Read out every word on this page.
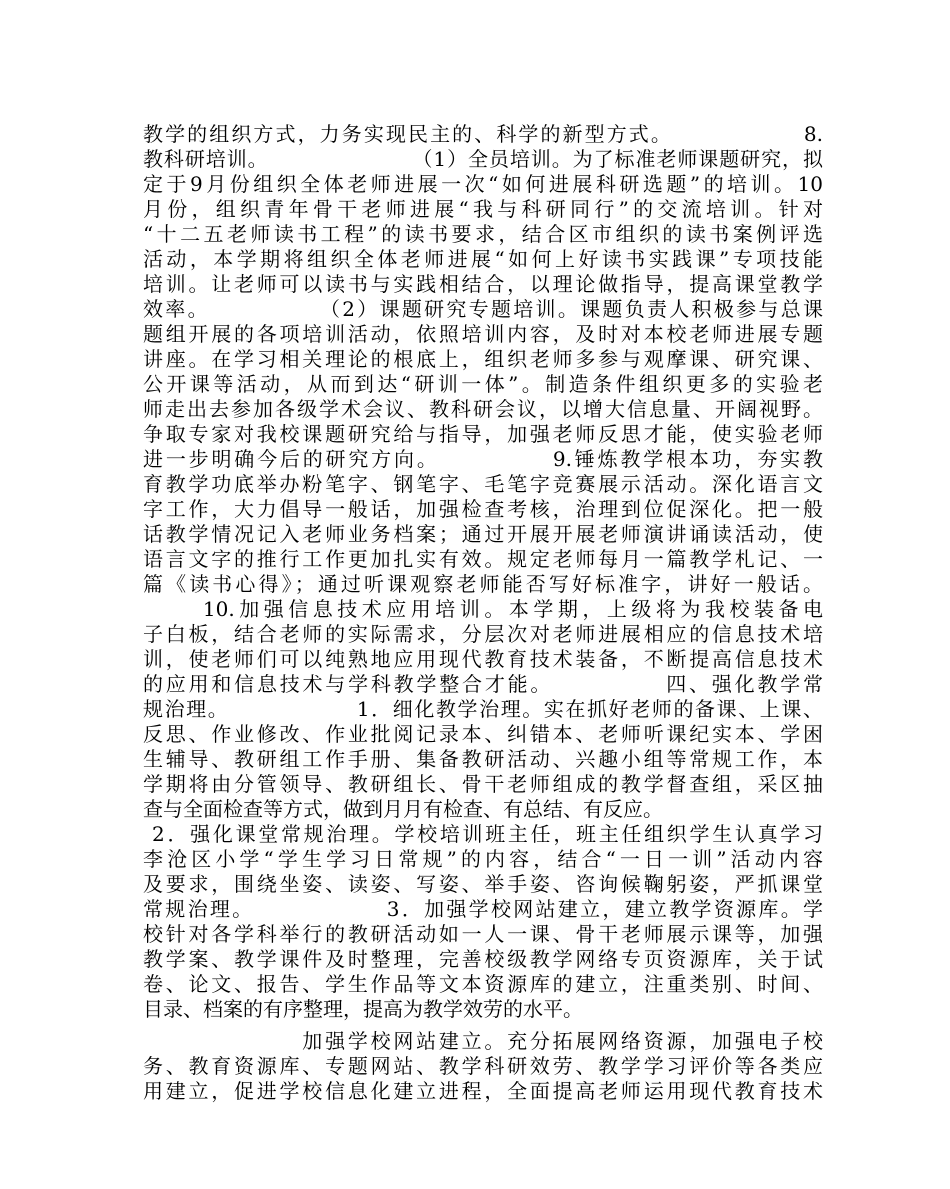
教学的组织方式，力务实现民主的、科学的新型方式。　　　　　　 8.
教科研培训。　　　　　　　 （1）全员培训。为了标准老师课题研究，拟
定于9月份组织全体老师进展一次“如何进展科研选题”的培训。10
月份，组织青年骨干老师进展“我与科研同行”的交流培训。针对
“十二五老师读书工程”的读书要求，结合区市组织的读书案例评选
活动，本学期将组织全体老师进展“如何上好读书实践课”专项技能
培训。让老师可以读书与实践相结合，以理论做指导，提高课堂教学
效率。　　　　　 （2）课题研究专题培训。课题负责人积极参与总课
题组开展的各项培训活动，依照培训内容，及时对本校老师进展专题
讲座。在学习相关理论的根底上，组织老师多参与观摩课、研究课、
公开课等活动，从而到达“研训一体”。制造条件组织更多的实验老
师走出去参加各级学术会议、教科研会议，以增大信息量、开阔视野。
争取专家对我校课题研究给与指导，加强老师反思才能，使实验老师
进一步明确今后的研究方向。　　　　　 9.锤炼教学根本功，夯实教
育教学功底举办粉笔字、钢笔字、毛笔字竞赛展示活动。深化语言文
字工作，大力倡导一般话，加强检查考核，治理到位促深化。把一般
话教学情况记入老师业务档案；通过开展开展老师演讲诵读活动，使
语言文字的推行工作更加扎实有效。规定老师每月一篇教学札记、一
篇《读书心得》；通过听课观察老师能否写好标准字，讲好一般话。
　　 10.加强信息技术应用培训。本学期，上级将为我校装备电
子白板，结合老师的实际需求，分层次对老师进展相应的信息技术培
训，使老师们可以纯熟地应用现代教育技术装备，不断提高信息技术
的应用和信息技术与学科教学整合才能。　　　　　 四、强化教学常
规治理。　　　　　　 1．细化教学治理。实在抓好老师的备课、上课、
反思、作业修改、作业批阅记录本、纠错本、老师听课纪实本、学困
生辅导、教研组工作手册、集备教研活动、兴趣小组等常规工作，本
学期将由分管领导、教研组长、骨干老师组成的教学督查组，采区抽
查与全面检查等方式，做到月月有检查、有总结、有反应。
2．强化课堂常规治理。学校培训班主任，班主任组织学生认真学习
李沧区小学“学生学习日常规”的内容，结合“一日一训”活动内容
及要求，围绕坐姿、读姿、写姿、举手姿、咨询候鞠躬姿，严抓课堂
常规治理。　　　　　　 3．加强学校网站建立，建立教学资源库。学
校针对各学科举行的教研活动如一人一课、骨干老师展示课等，加强
教学案、教学课件及时整理，完善校级教学网络专页资源库，关于试
卷、论文、报告、学生作品等文本资源库的建立，注重类别、时间、
目录、档案的有序整理，提高为教学效劳的水平。
　　　　　　　加强学校网站建立。充分拓展网络资源，加强电子校
务、教育资源库、专题网站、教学科研效劳、教学学习评价等各类应
用建立，促进学校信息化建立进程，全面提高老师运用现代教育技术
